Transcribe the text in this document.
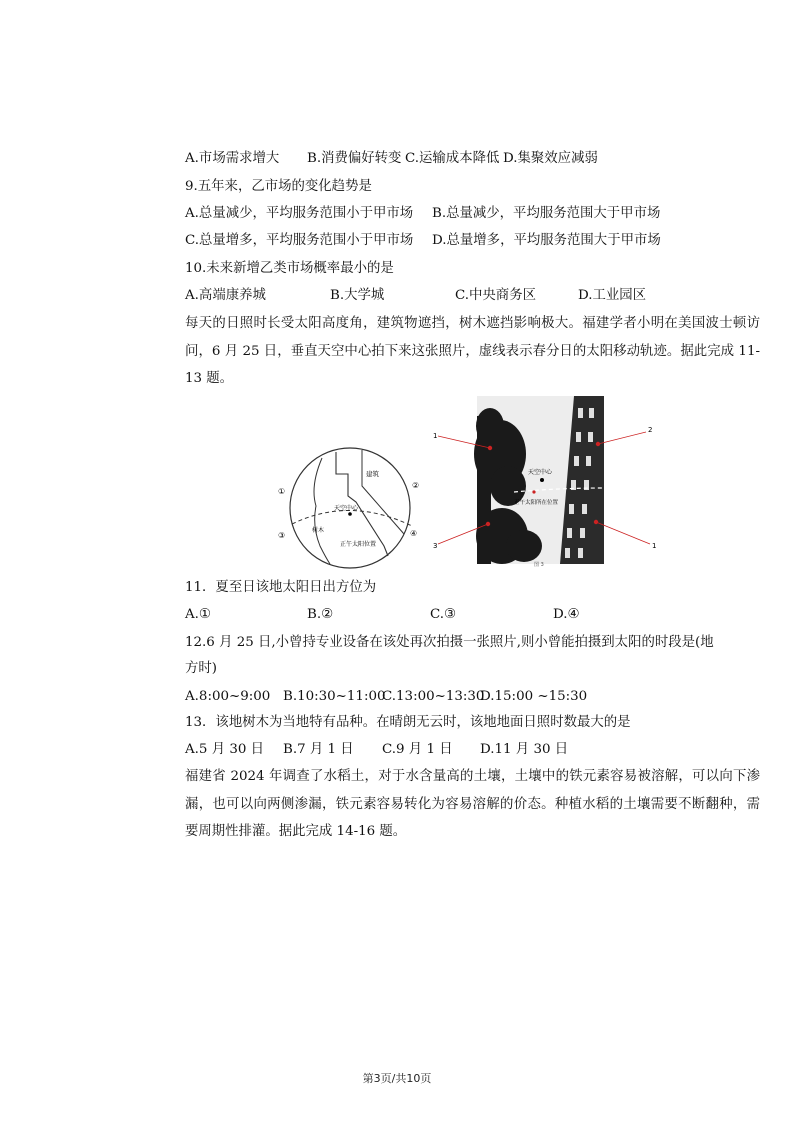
A.市场需求增大 B.消费偏好转变 C.运输成本降低 D.集聚效应减弱
9.五年来，乙市场的变化趋势是
A.总量减少，平均服务范围小于甲市场 B.总量减少，平均服务范围大于甲市场
C.总量增多，平均服务范围小于甲市场 D.总量增多，平均服务范围大于甲市场
10.未来新增乙类市场概率最小的是
A.高端康养城	B.大学城	C.中央商务区	D.工业园区
每天的日照时长受太阳高度角，建筑物遮挡，树木遮挡影响极大。福建学者小明在美国波士顿访问，6 月 25 日，垂直天空中心拍下来这张照片，虚线表示春分日的太阳移动轨迹。据此完成 11-13 题。
建筑
天空中心
树木
正午太阳位置
①
②
③	④
天空中心
正午太阳所在位置
1
3
2
1
图 3
11．夏至日该地太阳日出方位为
A.①	B.②	C.③	D.④
12.6 月 25 日,小曾持专业设备在该处再次拍摄一张照片,则小曾能拍摄到太阳的时段是(地
方时)
A.8:00~9:00 B.10:30~11:00
C.13:00~13:30
D.15:00 ~15:30
13．该地树木为当地特有品种。在晴朗无云时，该地地面日照时数最大的是
A.5 月 30 日 B.7 月 1 日 C.9 月 1 日 D.11 月 30 日
福建省 2024 年调查了水稻土，对于水含量高的土壤，土壤中的铁元素容易被溶解，可以向下渗漏，也可以向两侧渗漏，铁元素容易转化为容易溶解的价态。种植水稻的土壤需要不断翻种，需要周期性排灌。据此完成 14-16 题。
第3页/共10页
